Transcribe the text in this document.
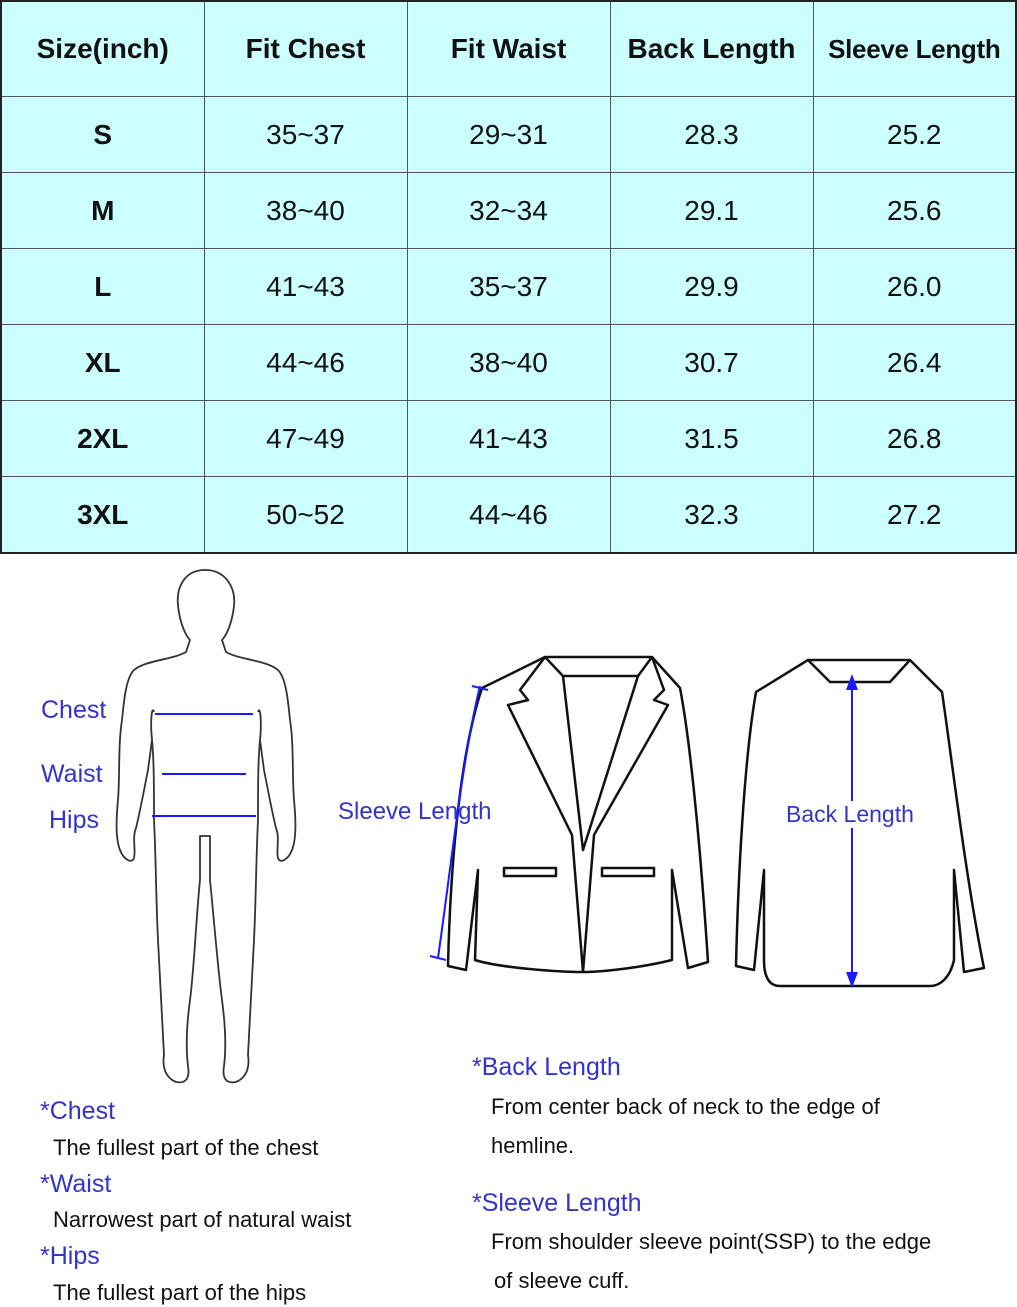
Size(inch)	Fit Chest	Fit Waist	Back Length	Sleeve Length
S	35~37	29~31	28.3	25.2
M	38~40	32~34	29.1	25.6
L	41~43	35~37	29.9	26.0
XL	44~46	38~40	30.7	26.4
2XL	47~49	41~43	31.5	26.8
3XL	50~52	44~46	32.3	27.2
Chest
Waist
Hips	Sleeve Length	Back Length
*Chest
The fullest part of the chest
*Waist
Narrowest part of natural waist
*Hips
The fullest part of the hips
*Back Length
From center back of neck to the edge of
hemline.
*Sleeve Length
From shoulder sleeve point(SSP) to the edge
of sleeve cuff.
